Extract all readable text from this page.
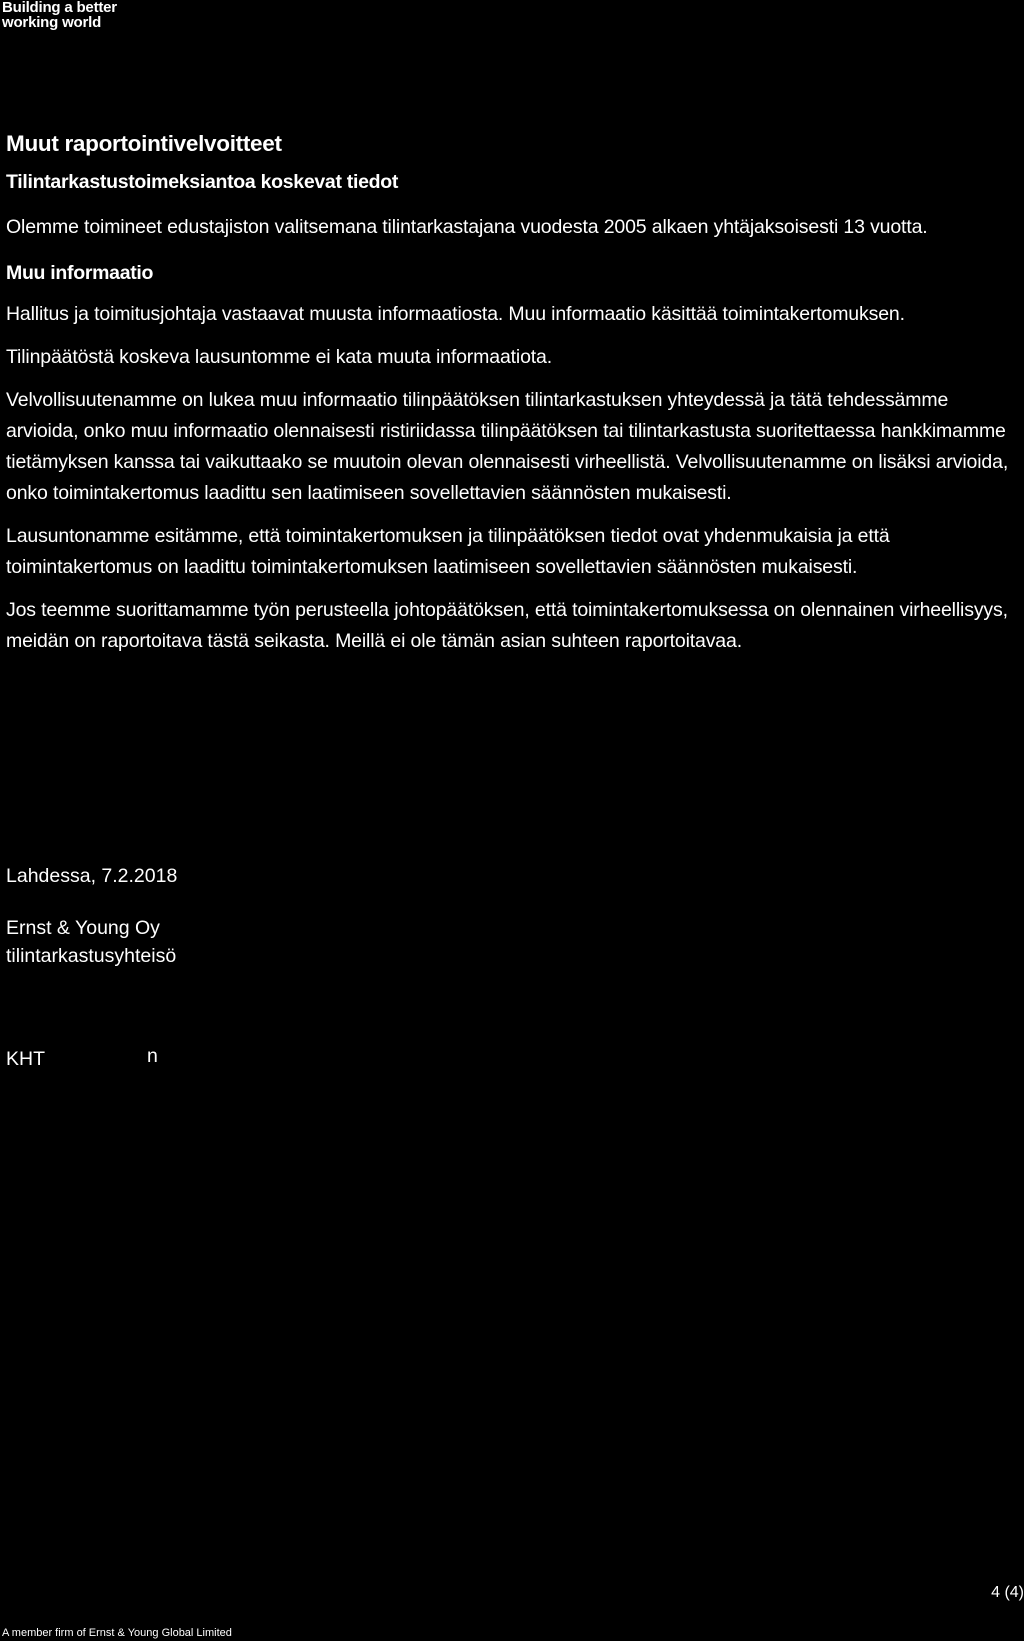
Building a better
working world
Muut raportointivelvoitteet
Tilintarkastustoimeksiantoa koskevat tiedot

Olemme toimineet edustajiston valitsemana tilintarkastajana vuodesta 2005 alkaen yhtäjaksoisesti 13 vuotta.

Muu informaatio

Hallitus ja toimitusjohtaja vastaavat muusta informaatiosta. Muu informaatio käsittää toimintakertomuksen.

Tilinpäätöstä koskeva lausuntomme ei kata muuta informaatiota.

Velvollisuutenamme on lukea muu informaatio tilinpäätöksen tilintarkastuksen yhteydessä ja tätä tehdessämme arvioida, onko muu informaatio olennaisesti ristiriidassa tilinpäätöksen tai tilintarkastusta suoritettaessa hankkimamme tietämyksen kanssa tai vaikuttaako se muutoin olevan olennaisesti virheellistä. Velvollisuutenamme on lisäksi arvioida, onko toimintakertomus laadittu sen laatimiseen sovellettavien säännösten mukaisesti.

Lausuntonamme esitämme, että toimintakertomuksen ja tilinpäätöksen tiedot ovat yhdenmukaisia ja että toimintakertomus on laadittu toimintakertomuksen laatimiseen sovellettavien säännösten mukaisesti.

Jos teemme suorittamamme työn perusteella johtopäätöksen, että toimintakertomuksessa on olennainen virheellisyys, meidän on raportoitava tästä seikasta. Meillä ei ole tämän asian suhteen raportoitavaa.

Lahdessa, 7.2.2018
Ernst & Young Oy
tilintarkastusyhteisö
n
KHT
4 (4)
A member firm of Ernst & Young Global Limited
